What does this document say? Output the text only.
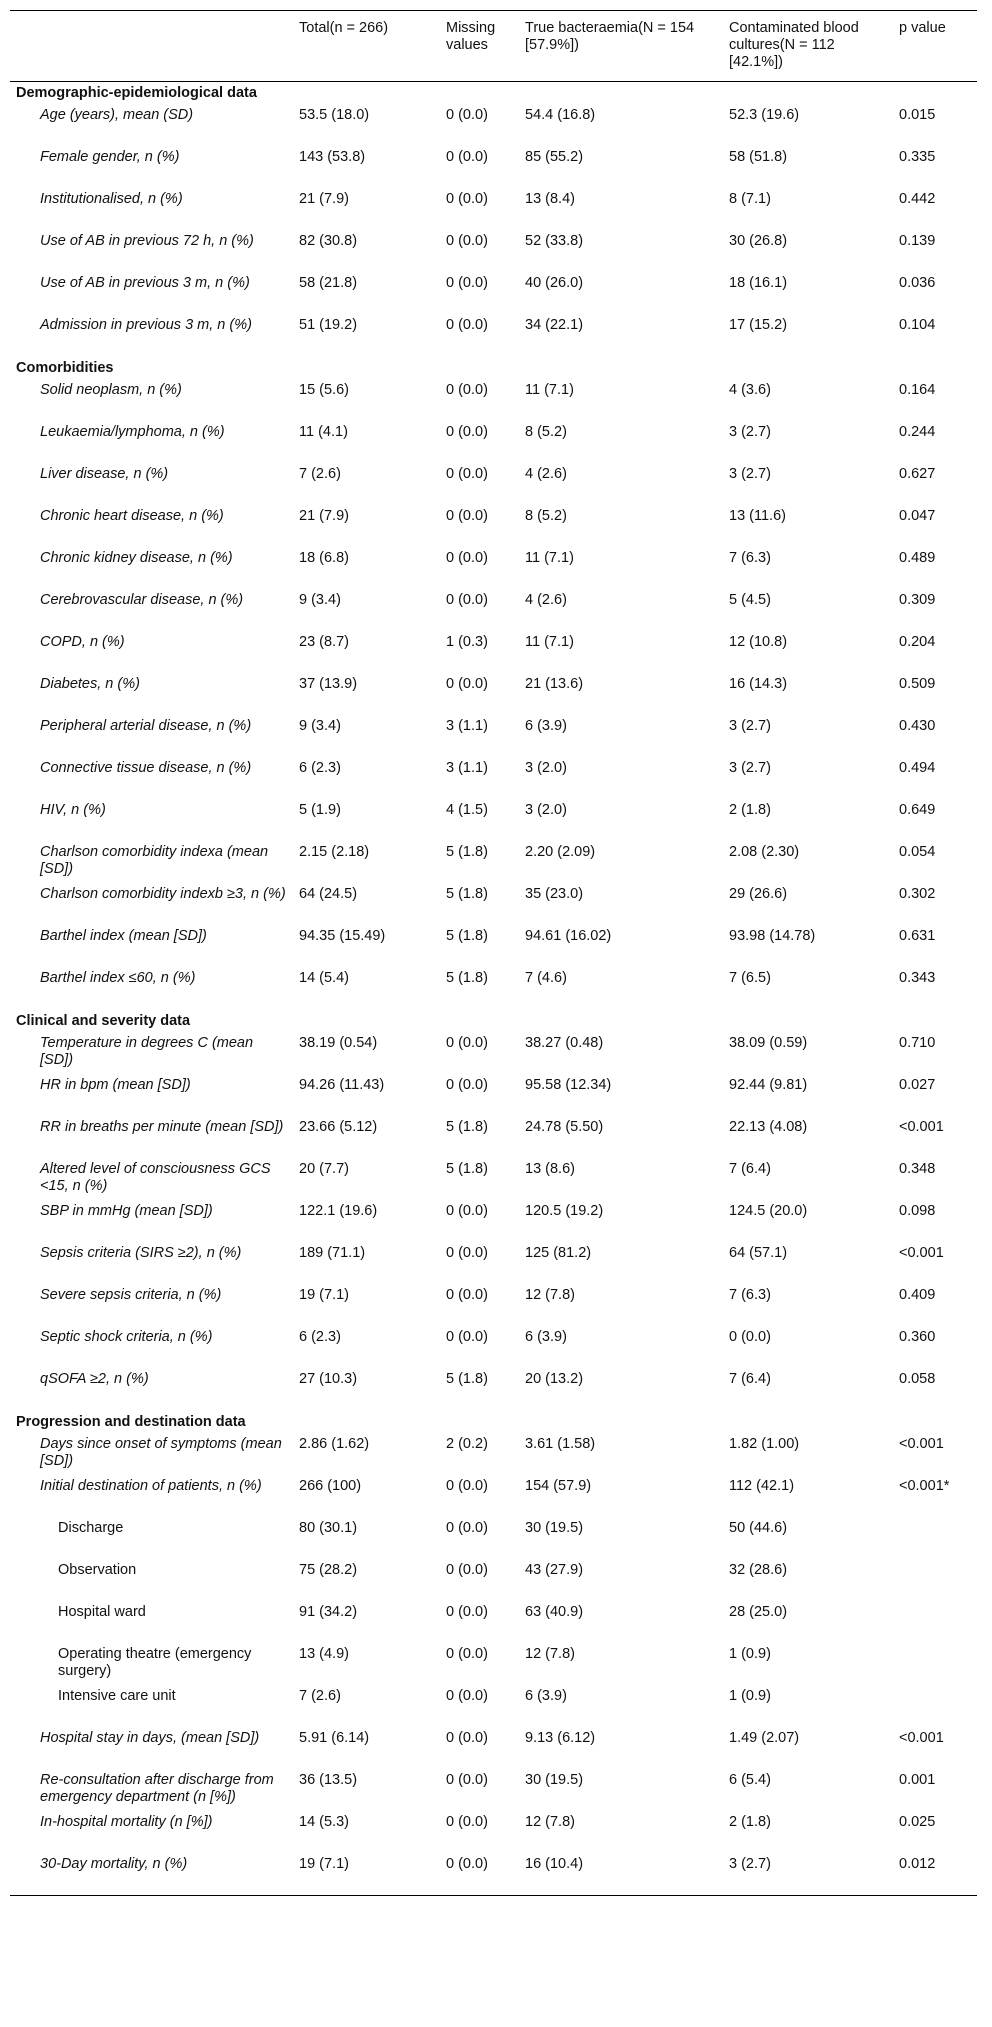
	Total(n = 266)	Missing values	True bacteraemia(N = 154 [57.9%])	Contaminated blood cultures(N = 112 [42.1%])	p value
Demographic-epidemiological data					
Age (years), mean (SD)	53.5 (18.0)	0 (0.0)	54.4 (16.8)	52.3 (19.6)	0.015
Female gender, n (%)	143 (53.8)	0 (0.0)	85 (55.2)	58 (51.8)	0.335
Institutionalised, n (%)	21 (7.9)	0 (0.0)	13 (8.4)	8 (7.1)	0.442
Use of AB in previous 72 h, n (%)	82 (30.8)	0 (0.0)	52 (33.8)	30 (26.8)	0.139
Use of AB in previous 3 m, n (%)	58 (21.8)	0 (0.0)	40 (26.0)	18 (16.1)	0.036
Admission in previous 3 m, n (%)	51 (19.2)	0 (0.0)	34 (22.1)	17 (15.2)	0.104
Comorbidities					
Solid neoplasm, n (%)	15 (5.6)	0 (0.0)	11 (7.1)	4 (3.6)	0.164
Leukaemia/lymphoma, n (%)	11 (4.1)	0 (0.0)	8 (5.2)	3 (2.7)	0.244
Liver disease, n (%)	7 (2.6)	0 (0.0)	4 (2.6)	3 (2.7)	0.627
Chronic heart disease, n (%)	21 (7.9)	0 (0.0)	8 (5.2)	13 (11.6)	0.047
Chronic kidney disease, n (%)	18 (6.8)	0 (0.0)	11 (7.1)	7 (6.3)	0.489
Cerebrovascular disease, n (%)	9 (3.4)	0 (0.0)	4 (2.6)	5 (4.5)	0.309
COPD, n (%)	23 (8.7)	1 (0.3)	11 (7.1)	12 (10.8)	0.204
Diabetes, n (%)	37 (13.9)	0 (0.0)	21 (13.6)	16 (14.3)	0.509
Peripheral arterial disease, n (%)	9 (3.4)	3 (1.1)	6 (3.9)	3 (2.7)	0.430
Connective tissue disease, n (%)	6 (2.3)	3 (1.1)	3 (2.0)	3 (2.7)	0.494
HIV, n (%)	5 (1.9)	4 (1.5)	3 (2.0)	2 (1.8)	0.649
Charlson comorbidity indexa (mean [SD])	2.15 (2.18)	5 (1.8)	2.20 (2.09)	2.08 (2.30)	0.054
Charlson comorbidity indexb ≥3, n (%)	64 (24.5)	5 (1.8)	35 (23.0)	29 (26.6)	0.302
Barthel index (mean [SD])	94.35 (15.49)	5 (1.8)	94.61 (16.02)	93.98 (14.78)	0.631
Barthel index ≤60, n (%)	14 (5.4)	5 (1.8)	7 (4.6)	7 (6.5)	0.343
Clinical and severity data					
Temperature in degrees C (mean [SD])	38.19 (0.54)	0 (0.0)	38.27 (0.48)	38.09 (0.59)	0.710
HR in bpm (mean [SD])	94.26 (11.43)	0 (0.0)	95.58 (12.34)	92.44 (9.81)	0.027
RR in breaths per minute (mean [SD])	23.66 (5.12)	5 (1.8)	24.78 (5.50)	22.13 (4.08)	<0.001
Altered level of consciousness GCS <15, n (%)	20 (7.7)	5 (1.8)	13 (8.6)	7 (6.4)	0.348
SBP in mmHg (mean [SD])	122.1 (19.6)	0 (0.0)	120.5 (19.2)	124.5 (20.0)	0.098
Sepsis criteria (SIRS ≥2), n (%)	189 (71.1)	0 (0.0)	125 (81.2)	64 (57.1)	<0.001
Severe sepsis criteria, n (%)	19 (7.1)	0 (0.0)	12 (7.8)	7 (6.3)	0.409
Septic shock criteria, n (%)	6 (2.3)	0 (0.0)	6 (3.9)	0 (0.0)	0.360
qSOFA ≥2, n (%)	27 (10.3)	5 (1.8)	20 (13.2)	7 (6.4)	0.058
Progression and destination data					
Days since onset of symptoms (mean [SD])	2.86 (1.62)	2 (0.2)	3.61 (1.58)	1.82 (1.00)	<0.001
Initial destination of patients, n (%)	266 (100)	0 (0.0)	154 (57.9)	112 (42.1)	<0.001*
Discharge	80 (30.1)	0 (0.0)	30 (19.5)	50 (44.6)	
Observation	75 (28.2)	0 (0.0)	43 (27.9)	32 (28.6)	
Hospital ward	91 (34.2)	0 (0.0)	63 (40.9)	28 (25.0)	
Operating theatre (emergency surgery)	13 (4.9)	0 (0.0)	12 (7.8)	1 (0.9)	
Intensive care unit	7 (2.6)	0 (0.0)	6 (3.9)	1 (0.9)	
Hospital stay in days, (mean [SD])	5.91 (6.14)	0 (0.0)	9.13 (6.12)	1.49 (2.07)	<0.001
Re-consultation after discharge from emergency department (n [%])	36 (13.5)	0 (0.0)	30 (19.5)	6 (5.4)	0.001
In-hospital mortality (n [%])	14 (5.3)	0 (0.0)	12 (7.8)	2 (1.8)	0.025
30-Day mortality, n (%)	19 (7.1)	0 (0.0)	16 (10.4)	3 (2.7)	0.012
